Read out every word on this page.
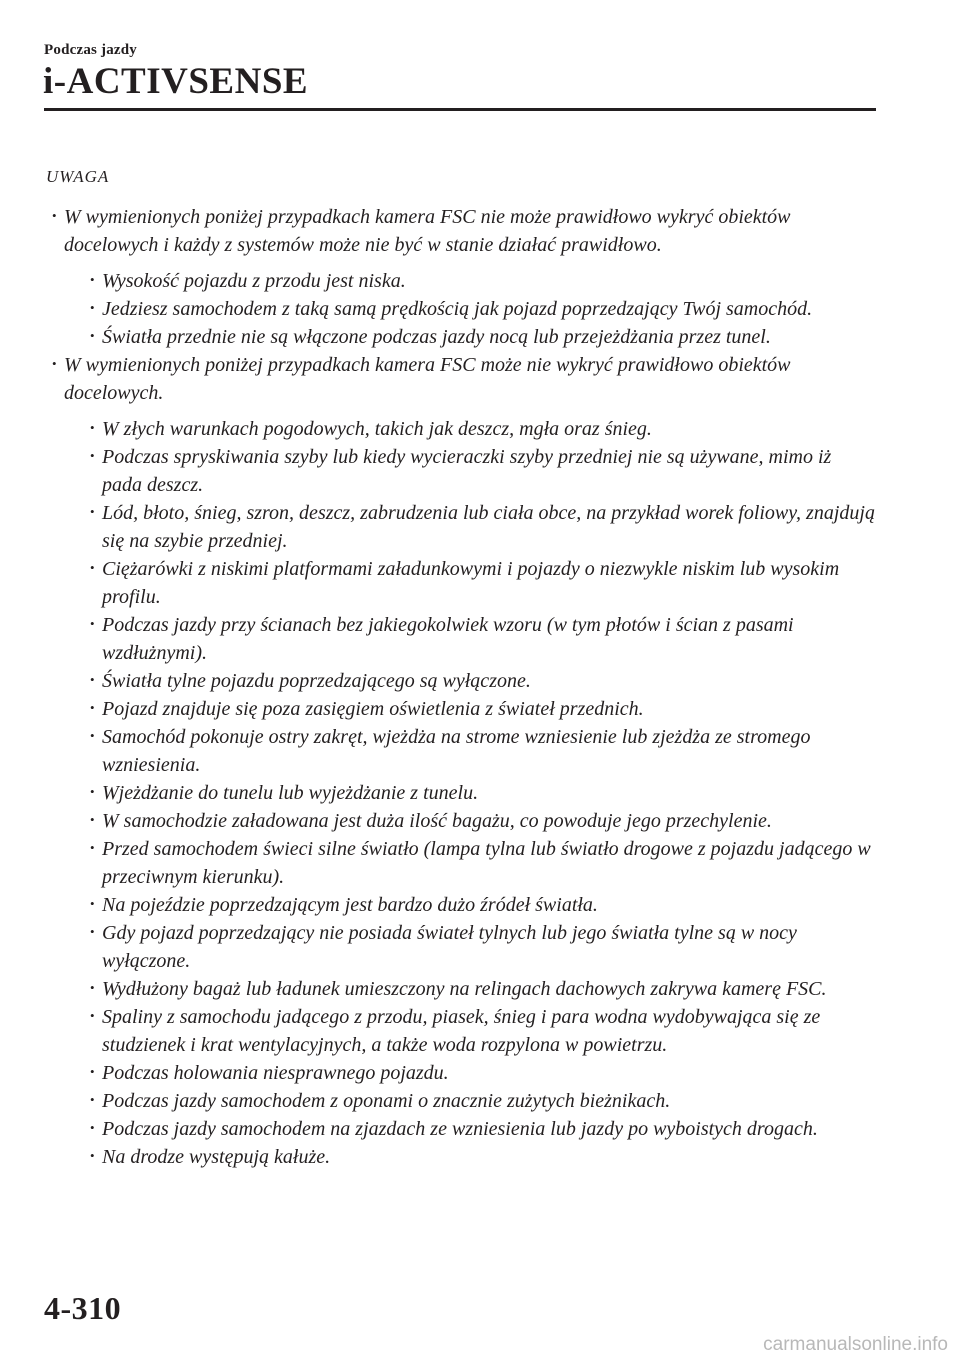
Podczas jazdy
i-ACTIVSENSE
UWAGA
• W wymienionych poniżej przypadkach kamera FSC nie może prawidłowo wykryć obiektów docelowych i każdy z systemów może nie być w stanie działać prawidłowo.
• Wysokość pojazdu z przodu jest niska.
• Jedziesz samochodem z taką samą prędkością jak pojazd poprzedzający Twój samochód.
• Światła przednie nie są włączone podczas jazdy nocą lub przejeżdżania przez tunel.
• W wymienionych poniżej przypadkach kamera FSC może nie wykryć prawidłowo obiektów docelowych.
• W złych warunkach pogodowych, takich jak deszcz, mgła oraz śnieg.
• Podczas spryskiwania szyby lub kiedy wycieraczki szyby przedniej nie są używane, mimo iż pada deszcz.
• Lód, błoto, śnieg, szron, deszcz, zabrudzenia lub ciała obce, na przykład worek foliowy, znajdują się na szybie przedniej.
• Ciężarówki z niskimi platformami załadunkowymi i pojazdy o niezwykle niskim lub wysokim profilu.
• Podczas jazdy przy ścianach bez jakiegokolwiek wzoru (w tym płotów i ścian z pasami wzdłużnymi).
• Światła tylne pojazdu poprzedzającego są wyłączone.
• Pojazd znajduje się poza zasięgiem oświetlenia z świateł przednich.
• Samochód pokonuje ostry zakręt, wjeżdża na strome wzniesienie lub zjeżdża ze stromego wzniesienia.
• Wjeżdżanie do tunelu lub wyjeżdżanie z tunelu.
• W samochodzie załadowana jest duża ilość bagażu, co powoduje jego przechylenie.
• Przed samochodem świeci silne światło (lampa tylna lub światło drogowe z pojazdu jadącego w przeciwnym kierunku).
• Na pojeździe poprzedzającym jest bardzo dużo źródeł światła.
• Gdy pojazd poprzedzający nie posiada świateł tylnych lub jego światła tylne są w nocy wyłączone.
• Wydłużony bagaż lub ładunek umieszczony na relingach dachowych zakrywa kamerę FSC.
• Spaliny z samochodu jadącego z przodu, piasek, śnieg i para wodna wydobywająca się ze studzienek i krat wentylacyjnych, a także woda rozpylona w powietrzu.
• Podczas holowania niesprawnego pojazdu.
• Podczas jazdy samochodem z oponami o znacznie zużytych bieżnikach.
• Podczas jazdy samochodem na zjazdach ze wzniesienia lub jazdy po wyboistych drogach.
• Na drodze występują kałuże.
4-310
carmanualsonline.info
